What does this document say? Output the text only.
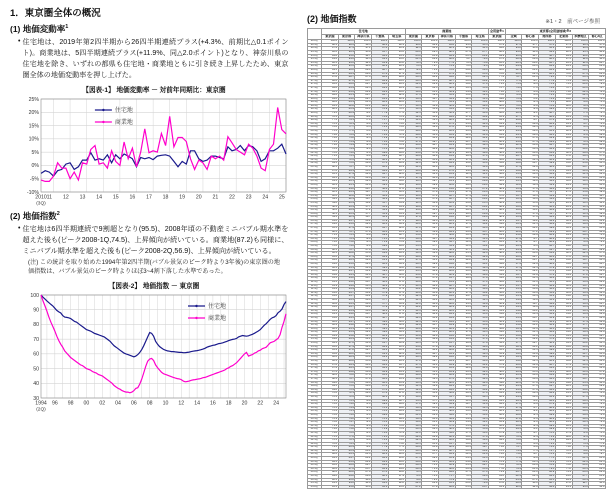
1．東京圏全体の概況
(1) 地価変動率$^1$
• 住宅地は、2019年第2四半期から26四半期連続プラス(+4.3%、前期比△0.1ポイント)。商業地は、5四半期連続プラス(+11.9%、同△2.0ポイント)となり、神奈川県の住宅地を除き、いずれの都県も住宅地・商業地ともに引き続き上昇したため、東京圏全体の地価変動率を押し上げた。

【図表-1】 地価変動率 － 対前年同期比：東京圏
-10%
-5%
0%
5%
10%
15%
20%
25%
2010
(3Q)
11 12 13 14 15 16 17 18 19 20 21 22 23 24 25
住宅地
商業地
(2) 地価指数$^2$
• 住宅地は6四半期連続で9割超となり(95.5)、2008年頃の不動産ミニバブル期水準を超えた後も(ピーク2008-1Q,74.5)、上昇傾向が続いている。商業地(87.2)も同様に、ミニバブル期水準を超えた後も(ピーク2008-2Q,56.9)、上昇傾向が続いている。

(注) この統計を取り始めた1994年第2四半期(バブル景気のピーク時より3年後)の東京圏の地価指数は、バブル景気のピーク時よりほぼ3~4割下落した水準であった。
【図表-2】 地価指数 － 東京圏
30
40
50
60
70
80
90
100
1994
(2Q)
96 98 00 02 04 06 08 10 12 14 16 18 20 22 24
住宅地
商業地
(2) 地価指数	※1・2　前ページ参照
	住宅地					商業地					全用途※1	東京都(全用途地域)※2					
	東京圏	東京都	神奈川県	千葉県	埼玉県	東京圏	東京都	神奈川県	千葉県	埼玉県	東京圏	全域	都心部	南西部	北東部	多摩地区	都心3区
94-2Q	100.0	100.0	100.0	100.0	100.0	100.0	100.0	100.0	100.0	100.0	100.0	100.0	100.0	100.0	100.0	100.0	100.0
94-3Q	98.5	98.6	98.5	98.4	98.3	96.0	96.2	95.8	95.6	95.5	97.3	97.4	97.7	97.5	97.3	98.3	97.9
94-4Q	97.2	97.4	97.1	97.0	96.9	92.5	92.9	92.1	91.8	91.6	94.8	95.2	95.8	95.3	94.8	96.9	96.0
95-1Q	96.0	96.3	95.9	95.7	95.6	89.0	89.5	88.5	87.9	87.7	92.5	93.0	93.8	93.1	92.5	95.5	94.2
95-2Q	94.8	95.2	94.7	94.4	94.3	85.0	85.8	84.3	83.5	83.2	89.9	90.6	91.7	90.7	89.9	94.2	92.1
95-3Q	93.6	94.0	93.5	93.1	93.0	81.5	82.4	80.6	79.7	79.3	87.5	88.4	89.8	88.5	87.5	92.8	90.3
95-4Q	92.5	93.0	92.3	91.9	91.8	78.5	79.6	77.4	76.3	75.9	85.5	86.5	88.1	86.7	85.5	91.6	88.7
96-1Q	91.0	91.6	90.8	90.3	90.1	75.5	76.7	74.3	73.0	72.6	83.3	84.4	86.3	84.6	83.3	89.9	86.9
96-2Q	89.5	90.2	89.3	88.7	88.5	72.0	73.4	70.6	69.2	68.6	80.8	82.1	84.2	82.3	80.8	88.2	85.0
96-3Q	88.5	89.3	88.3	87.6	87.3	69.0	70.5	67.4	65.9	65.3	78.8	80.2	82.6	80.5	78.8	87.1	83.4
96-4Q	87.8	88.7	87.6	86.8	86.6	66.5	68.2	64.8	63.1	62.5	77.2	78.7	81.3	79.0	77.2	86.3	82.2
97-1Q	86.0	87.0	85.7	84.9	84.6	64.5	66.3	62.7	60.9	60.2	75.3	77.0	79.7	77.2	75.3	84.3	80.7
97-2Q	85.0	86.0	84.7	83.8	83.5	62.0	63.9	60.1	58.2	57.4	73.5	75.4	78.3	75.6	73.5	83.2	79.3
97-3Q	84.8	85.9	84.5	83.6	83.3	60.5	62.5	58.5	56.5	55.8	72.7	74.6	77.6	74.8	72.7	83.0	78.7
97-4Q	84.5	85.6	84.2	83.3	83.0	59.0	61.1	56.9	54.9	54.1	71.8	73.7	76.8	74.0	71.8	82.6	78.0
98-1Q	84.0	85.1	83.7	82.7	82.4	57.5	59.6	55.4	53.2	52.4	70.8	72.8	76.0	73.1	70.8	82.1	77.2
98-2Q	83.0	84.2	82.7	81.6	81.3	56.5	58.7	54.3	52.1	51.3	69.8	71.9	75.2	72.2	69.8	81.0	76.4
98-3Q	82.0	83.3	81.6	80.6	80.2	55.5	57.7	53.3	51.0	50.2	68.8	70.9	74.4	71.3	68.8	79.8	75.6
98-4Q	81.5	82.8	81.1	80.0	79.7	54.5	56.8	52.2	49.9	49.0	68.0	70.2	73.8	70.6	68.0	79.3	75.0
99-1Q	80.5	81.9	80.1	78.9	78.5	53.5	55.8	51.2	48.8	47.9	67.0	69.3	72.9	69.6	67.0	78.2	74.3
99-2Q	79.5	80.9	79.1	77.9	77.5	52.5	54.9	50.1	47.7	46.8	66.0	68.4	72.1	68.7	66.0	77.0	73.5
99-3Q	78.5	80.0	78.1	76.8	76.3	52.0	54.4	49.6	47.2	46.2	65.3	67.7	71.5	68.0	65.3	75.9	72.9
99-4Q	77.5	79.1	77.0	75.7	75.3	51.0	53.5	48.5	46.1	45.1	64.3	66.8	70.7	67.1	64.3	74.8	72.1
00-1Q	76.5	78.1	76.0	74.6	74.2	50.0	52.5	47.5	45.0	44.0	63.3	65.8	69.9	66.2	63.3	73.7	71.3
00-2Q	76.0	77.7	75.5	74.1	73.6	49.5	52.0	47.0	44.4	43.4	62.8	65.4	69.5	65.7	62.8	73.1	70.9
00-3Q	75.5	77.2	75.0	73.5	73.0	49.0	51.6	46.4	43.9	42.9	62.3	64.9	69.0	65.3	62.3	72.6	70.6
00-4Q	74.8	76.6	74.3	72.8	72.3	48.0	50.6	45.4	42.8	41.8	61.4	64.1	68.3	64.5	61.4	71.8	69.9
01-1Q	74.0	75.8	73.5	71.9	71.4	47.5	50.1	44.9	42.2	41.2	60.8	63.5	67.8	63.9	60.8	70.9	69.4
01-2Q	73.5	75.4	73.0	71.4	70.8	47.0	49.7	44.3	41.7	40.6	60.3	63.0	67.4	63.4	60.3	70.3	69.0
01-3Q	73.0	74.9	72.5	70.8	70.3	46.0	48.7	43.3	40.6	39.5	59.5	62.3	66.8	62.7	59.5	69.8	68.4
01-4Q	72.5	74.4	72.0	70.3	69.8	45.5	48.2	42.8	40.0	39.0	59.0	61.9	66.4	62.3	59.0	69.2	68.0
02-1Q	72.0	74.0	71.4	69.8	69.2	45.0	47.8	42.3	39.5	38.4	58.5	61.4	66.0	61.8	58.5	68.6	67.6
02-2Q	71.5	73.5	70.9	69.2	68.7	44.0	46.8	41.2	38.4	37.3	57.8	60.7	65.4	61.1	57.8	68.1	67.0
02-3Q	70.5	72.6	69.9	68.1	67.5	43.0	45.9	40.1	37.3	36.2	56.8	59.8	64.5	60.2	56.8	67.0	66.3
02-4Q	69.5	71.6	68.9	67.1	66.4	42.0	44.9	39.1	36.2	35.0	55.8	58.8	63.7	59.3	55.8	65.8	65.5
03-1Q	68.5	70.7	67.9	66.0	65.3	41.0	44.0	38.0	35.1	33.9	54.8	57.9	62.9	58.4	54.8	64.7	64.7
03-2Q	67.0	69.3	66.3	64.4	63.7	40.0	43.0	37.0	34.0	32.8	53.5	56.8	61.9	57.2	53.5	63.0	63.7
03-3Q	65.5	67.9	64.8	62.7	62.0	38.5	41.6	35.4	32.3	31.1	52.0	55.4	60.6	55.8	52.0	61.4	62.6
03-4Q	64.5	67.0	63.8	61.7	60.9	37.5	40.6	34.4	31.3	30.0	51.0	54.4	59.8	54.9	51.0	60.2	61.8
04-1Q	63.5	66.1	62.8	60.6	59.8	36.5	39.7	33.3	30.1	28.9	50.0	53.5	59.0	54.0	50.0	59.1	61.0
04-2Q	62.5	65.1	61.8	59.5	58.8	36.0	39.2	32.8	29.6	28.3	49.3	52.8	58.4	53.3	49.3	58.0	60.4
04-3Q	61.5	64.2	60.7	58.4	57.6	35.0	38.3	31.8	28.5	27.2	48.3	51.9	57.6	52.4	48.3	56.9	59.6
04-4Q	60.5	63.3	59.7	57.3	56.5	34.5	37.8	31.2	27.9	26.6	47.5	51.2	57.0	51.7	47.5	55.8	59.0
05-1Q	60.0	62.8	59.2	56.8	56.0	34.0	37.3	30.7	27.4	26.1	47.0	50.7	56.5	51.2	47.0	55.2	58.7
05-2Q	59.5	62.3	58.7	56.3	55.4	34.0	37.3	30.7	27.4	26.1	46.8	50.5	56.3	51.0	46.8	54.6	58.5
05-3Q	59.0	61.9	58.2	55.7	54.9	33.5	36.8	30.2	26.8	25.5	46.3	50.0	55.9	50.5	46.3	54.1	58.1
05-4Q	58.5	61.4	57.7	55.2	54.3	34.0	37.3	30.7	27.4	26.1	46.3	50.0	55.9	50.5	46.3	53.5	58.1
06-1Q	58.0	60.9	57.2	54.6	53.8	35.0	38.3	31.8	28.5	27.2	46.5	50.2	56.1	50.8	46.5	53.0	58.3
06-2Q	58.5	61.4	57.7	55.2	54.3	36.5	39.7	33.3	30.1	28.9	47.5	51.2	57.0	51.7	47.5	53.5	59.0
06-3Q	59.5	62.3	58.7	56.3	55.4	37.0	40.2	33.8	30.7	29.4	48.3	51.9	57.6	52.4	48.3	54.6	59.6
06-4Q	61.0	63.7	60.2	57.9	57.1	39.5	42.5	36.5	33.4	32.2	50.3	53.7	59.2	54.2	50.3	56.3	61.2
07-1Q	63.0	65.6	62.3	60.0	59.3	43.0	45.9	40.1	37.3	36.2	53.0	56.3	61.5	56.8	53.0	58.6	63.3
07-2Q	65.5	67.9	64.8	62.7	62.0	47.0	49.7	44.3	41.7	40.6	56.3	59.3	64.1	59.8	56.3	61.4	65.9
07-3Q	68.5	70.7	67.9	66.0	65.3	51.5	53.9	49.1	46.6	45.7	60.0	62.8	67.2	63.2	60.0	64.7	68.8
07-4Q	71.5	73.5	70.9	69.2	68.7	55.0	57.3	52.8	50.5	49.6	63.3	65.8	69.9	66.2	63.3	68.1	71.3
08-1Q	74.5	76.3	74.0	72.5	72.0	56.5	58.7	54.3	52.1	51.3	65.5	67.9	71.7	68.3	65.5	71.4	73.1
08-2Q	74.0	75.8	73.5	71.9	71.4	56.9	59.1	54.7	52.6	51.7	65.5	67.9	71.7	68.2	65.5	70.9	73.1
08-3Q	72.0	74.0	71.4	69.8	69.2	55.5	57.7	53.3	51.0	50.2	63.8	66.3	70.3	66.7	63.8	68.6	71.7
08-4Q	68.5	70.7	67.9	66.0	65.3	52.5	54.9	50.1	47.7	46.8	60.5	63.3	67.6	63.7	60.5	64.7	69.2
09-1Q	66.5	68.8	65.8	63.8	63.1	50.5	53.0	48.0	45.5	44.6	58.5	61.4	66.0	61.8	58.5	62.5	67.6
09-2Q	65.0	67.4	64.3	62.2	61.5	49.0	51.6	46.4	43.9	42.9	57.0	60.0	64.7	60.4	57.0	60.8	66.5
09-3Q	64.0	66.5	63.3	61.1	60.4	47.5	50.1	44.9	42.2	41.2	55.8	58.8	63.7	59.3	55.8	59.7	65.5
09-4Q	63.0	65.6	62.3	60.0	59.3	46.5	49.2	43.8	41.1	40.1	54.8	57.9	62.9	58.4	54.8	58.6	64.7
10-1Q	62.5	65.1	61.8	59.5	58.8	46.0	48.7	43.3	40.6	39.5	54.3	57.5	62.5	57.9	54.3	58.0	64.3
10-2Q	62.0	64.7	61.2	59.0	58.2	45.5	48.2	42.8	40.0	39.0	53.8	57.0	62.1	57.4	53.8	57.4	63.9
10-3Q	61.8	64.5	61.0	58.7	58.0	45.0	47.8	42.3	39.5	38.4	53.4	56.7	61.8	57.1	53.4	57.2	63.7
10-4Q	61.5	64.2	60.7	58.4	57.6	44.5	47.3	41.7	38.9	37.8	53.0	56.3	61.5	56.8	53.0	56.9	63.3
11-1Q	61.5	64.2	60.7	58.4	57.6	44.0	46.8	41.2	38.4	37.3	52.8	56.1	61.3	56.5	52.8	56.9	63.1
11-2Q	61.3	64.0	60.5	58.2	57.4	43.5	46.3	40.7	37.8	36.7	52.4	55.7	61.0	56.2	52.4	56.7	62.9
11-3Q	61.2	63.9	60.4	58.1	57.3	43.2	46.0	40.4	37.5	36.4	52.2	55.5	60.8	56.0	52.2	56.5	62.7
11-4Q	61.0	63.7	60.2	57.9	57.1	43.0	45.9	40.1	37.3	36.2	52.0	55.4	60.6	55.8	52.0	56.3	62.6
12-1Q	61.0	63.7	60.2	57.9	57.1	42.5	45.4	39.6	36.7	35.6	51.8	55.1	60.4	55.6	51.8	56.3	62.4
12-2Q	60.8	63.5	60.0	57.7	56.9	41.5	44.4	38.6	35.6	34.5	51.1	54.6	59.9	55.1	51.1	56.1	61.9
12-3Q	60.8	63.5	60.0	57.7	56.9	41.0	44.0	38.0	35.1	33.9	50.9	54.3	59.7	54.8	50.9	56.1	61.7
12-4Q	61.0	63.7	60.2	57.9	57.1	41.2	44.1	38.3	35.3	34.1	51.1	54.5	59.9	55.0	51.1	56.3	61.9
13-1Q	61.2	63.9	60.4	58.1	57.3	41.5	44.4	38.6	35.6	34.5	51.4	54.8	60.1	55.2	51.4	56.5	62.1
13-2Q	61.5	64.2	60.7	58.4	57.6	42.0	44.9	39.1	36.2	35.0	51.8	55.1	60.4	55.6	51.8	56.9	62.4
13-3Q	61.8	64.5	61.0	58.7	58.0	42.3	45.2	39.4	36.5	35.4	52.0	55.4	60.7	55.9	52.0	57.2	62.6
13-4Q	62.0	64.7	61.2	59.0	58.2	42.5	45.4	39.6	36.7	35.6	52.3	55.6	60.8	56.1	52.3	57.4	62.8
14-1Q	62.2	64.8	61.4	59.2	58.4	42.8	45.7	39.9	37.1	35.9	52.5	55.8	61.1	56.3	52.5	57.7	62.9
14-2Q	62.5	65.1	61.8	59.5	58.8	43.0	45.9	40.1	37.3	36.2	52.8	56.1	61.3	56.5	52.8	58.0	63.1
14-3Q	62.8	65.4	62.1	59.8	59.1	43.3	46.1	40.5	37.6	36.5	53.0	56.3	61.5	56.8	53.0	58.3	63.4
14-4Q	63.2	65.8	62.5	60.3	59.5	43.8	46.6	41.0	38.2	37.1	53.5	56.8	61.9	57.2	53.5	58.8	63.7
15-1Q	63.8	66.3	63.1	60.9	60.2	44.0	46.8	41.2	38.4	37.3	53.9	57.1	62.2	57.6	53.9	59.5	64.0
15-2Q	64.5	67.0	63.8	61.7	60.9	44.5	47.3	41.7	38.9	37.8	54.5	57.7	62.7	58.1	54.5	60.2	64.5
15-3Q	65.0	67.4	64.3	62.2	61.5	45.0	47.8	42.3	39.5	38.4	55.0	58.1	63.1	58.6	55.0	60.8	64.9
15-4Q	65.4	67.8	64.7	62.6	61.9	45.5	48.2	42.8	40.0	39.0	55.5	58.6	63.5	59.0	55.5	61.2	65.3
16-1Q	65.8	68.2	65.1	63.1	62.4	46.0	48.7	43.3	40.6	39.5	55.9	59.0	63.8	59.4	55.9	61.7	65.6
16-2Q	66.0	68.4	65.3	63.3	62.6	46.5	49.2	43.8	41.1	40.1	56.3	59.3	64.1	59.8	56.3	61.9	65.9
16-3Q	66.5	68.8	65.8	63.8	63.1	47.0	49.7	44.3	41.7	40.6	56.8	59.8	64.5	60.2	56.8	62.5	66.3
16-4Q	67.0	69.3	66.3	64.4	63.7	47.5	50.1	44.9	42.2	41.2	57.3	60.2	64.9	60.7	57.3	63.0	66.7
17-1Q	67.2	69.5	66.5	64.6	63.9	48.0	50.6	45.4	42.8	41.8	57.6	60.6	65.2	61.0	57.6	63.3	66.9
17-2Q	67.5	69.8	66.8	64.9	64.3	48.5	51.1	45.9	43.3	42.3	58.0	60.9	65.6	61.4	58.0	63.6	67.2
17-3Q	68.0	70.2	67.4	65.4	64.8	49.0	51.6	46.4	43.9	42.9	58.5	61.4	66.0	61.8	58.5	64.2	67.6
17-4Q	68.5	70.7	67.9	66.0	65.3	50.0	52.5	47.5	45.0	44.0	59.3	62.1	66.6	62.5	59.3	64.7	68.2
18-1Q	69.0	71.2	68.4	66.5	65.9	50.5	53.0	48.0	45.5	44.6	59.8	62.6	67.0	63.0	59.8	65.3	68.6
18-2Q	69.5	71.6	68.9	67.1	66.4	51.5	53.9	49.1	46.6	45.7	60.5	63.3	67.6	63.7	60.5	65.8	69.2
18-3Q	69.8	71.9	69.2	67.4	66.8	52.0	54.4	49.6	47.2	46.2	60.9	63.6	67.9	64.0	60.9	66.2	69.5
18-4Q	70.0	72.1	69.4	67.6	67.0	53.0	55.4	50.6	48.3	47.4	61.5	64.2	68.4	64.6	61.5	66.4	70.0
19-1Q	70.5	72.6	69.9	68.1	67.5	54.0	56.3	51.7	49.4	48.5	62.3	64.9	69.0	65.3	62.3	67.0	70.6
19-2Q	71.5	73.5	70.9	69.2	68.7	55.5	57.7	53.3	51.0	50.2	63.5	66.1	70.1	66.4	63.5	68.1	71.5
19-3Q	72.0	74.0	71.4	69.8	69.2	57.0	59.1	54.9	52.7	51.8	64.5	67.0	70.9	67.3	64.5	68.6	72.3
19-4Q	72.5	74.4	72.0	70.3	69.8	58.5	60.6	56.4	54.3	53.5	65.5	67.9	71.7	68.3	65.5	69.2	73.1
20-1Q	72.2	74.1	71.6	70.0	69.4	60.0	62.0	58.0	56.0	55.2	66.1	68.5	72.2	68.8	66.1	68.9	73.6
20-2Q	72.0	74.0	71.4	69.8	69.2	61.0	63.0	59.0	57.1	56.3	66.5	68.8	72.5	69.2	66.5	68.6	73.9
20-3Q	72.3	74.2	71.7	70.1	69.5	58.5	60.6	56.4	54.3	53.5	65.4	67.8	71.6	68.2	65.4	69.0	73.0
20-4Q	72.8	74.7	72.3	70.6	70.1	59.0	61.1	56.9	54.9	54.1	65.9	68.3	72.0	68.6	65.9	69.5	73.4
21-1Q	73.3	75.2	72.8	71.2	70.6	59.5	61.5	57.5	55.4	54.6	66.4	68.8	72.4	69.1	66.4	70.1	73.8
21-2Q	74.0	75.8	73.5	71.9	71.4	60.5	62.5	58.5	56.5	55.8	67.3	69.5	73.1	69.9	67.3	70.9	74.5
21-3Q	74.8	76.6	74.3	72.8	72.3	61.0	63.0	59.0	57.1	56.3	67.9	70.1	73.7	70.5	67.9	71.8	75.0
21-4Q	75.5	77.2	75.0	73.5	73.0	62.0	63.9	60.1	58.2	57.4	68.8	70.9	74.4	71.3	68.8	72.6	75.6
22-1Q	76.5	78.1	76.0	74.6	74.2	62.5	64.4	60.6	58.8	58.0	69.5	71.6	75.0	71.9	69.5	73.7	76.2
22-2Q	78.0	79.5	77.6	76.2	75.8	63.5	65.3	61.7	59.8	59.1	70.8	72.8	76.0	73.1	70.8	75.4	77.2
22-3Q	79.5	80.9	79.1	77.9	77.5	64.0	65.8	62.2	60.4	59.7	71.8	73.7	76.8	74.0	71.8	77.0	78.0
22-4Q	80.5	81.9	80.1	78.9	78.5	64.5	66.3	62.7	60.9	60.2	72.5	74.4	77.5	74.7	72.5	78.2	78.5
23-1Q	82.0	83.3	81.6	80.6	80.2	66.0	67.7	64.3	62.6	61.9	74.0	75.8	78.7	76.1	74.0	79.8	79.7
23-2Q	83.5	84.7	83.2	82.2	81.8	67.5	69.1	65.9	64.3	63.6	75.5	77.2	79.9	77.5	75.5	81.5	80.9
23-3Q	84.5	85.6	84.2	83.3	83.0	68.0	69.6	66.4	64.8	64.2	76.3	77.9	80.5	78.2	76.3	82.6	81.5
23-4Q	85.0	86.0	84.7	83.8	83.5	68.5	70.1	66.9	65.3	64.7	76.8	78.4	80.9	78.6	76.8	83.2	81.9
24-1Q	86.0	87.0	85.7	84.9	84.6	69.5	71.0	68.0	66.4	65.8	77.8	79.3	81.8	79.5	77.8	84.3	82.6
24-2Q	88.0	88.8	87.8	87.0	86.8	70.5	72.0	69.0	67.5	67.0	79.3	80.7	83.0	80.9	79.3	86.6	83.8
24-3Q	89.0	89.8	88.8	88.1	87.9	73.0	74.3	71.7	70.3	69.8	81.0	82.3	84.4	82.5	81.0	87.7	85.2
24-4Q	90.5	91.2	90.3	89.7	89.5	78.0	79.1	76.9	75.8	75.4	84.3	85.4	87.1	85.5	84.3	89.4	87.7
25-1Q	93.5	94.0	93.4	93.0	92.8	82.0	82.9	81.1	80.2	79.8	87.8	88.6	90.0	88.7	87.8	92.7	90.4
25-2Q	95.5	95.8	95.4	95.1	95.0	87.2	87.8	86.6	85.9	85.7	91.3	92.0	92.9	92.0	91.3	95.0	93.3
